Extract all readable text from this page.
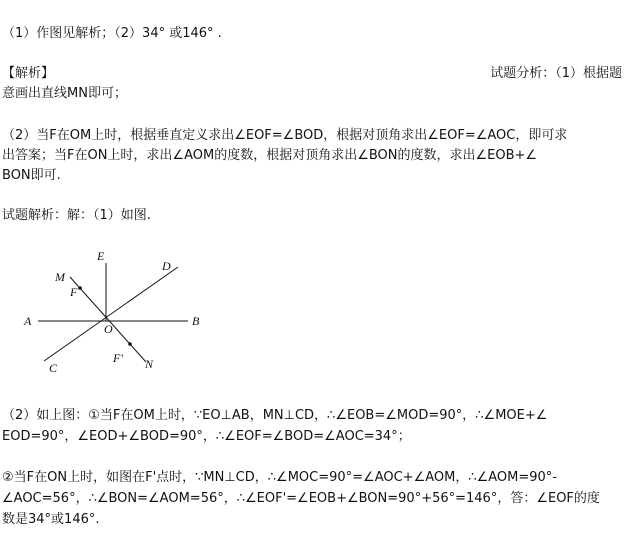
（1）作图见解析；（2）34° 或146° .
【解析】	试题分析：（1）根据题
意画出直线MN即可；
（2）当F在OM上时，根据垂直定义求出∠EOF=∠BOD，根据对顶角求出∠EOF=∠AOC，即可求
出答案；当F在ON上时，求出∠AOM的度数，根据对顶角求出∠BON的度数，求出∠EOB+∠
BON即可.
试题解析：解：（1）如图.
M
E
D
F
A
O
B
C
F' N
（2）如上图：①当F在OM上时，∵EO⊥AB，MN⊥CD，∴∠EOB=∠MOD=90°，∴∠MOE+∠
EOD=90°，∠EOD+∠BOD=90°，∴∠EOF=∠BOD=∠AOC=34°；
②当F在ON上时，如图在F'点时，∵MN⊥CD，∴∠MOC=90°=∠AOC+∠AOM，∴∠AOM=90°-
∠AOC=56°，∴∠BON=∠AOM=56°，∴∠EOF'=∠EOB+∠BON=90°+56°=146°，答：∠EOF的度
数是34°或146°.
